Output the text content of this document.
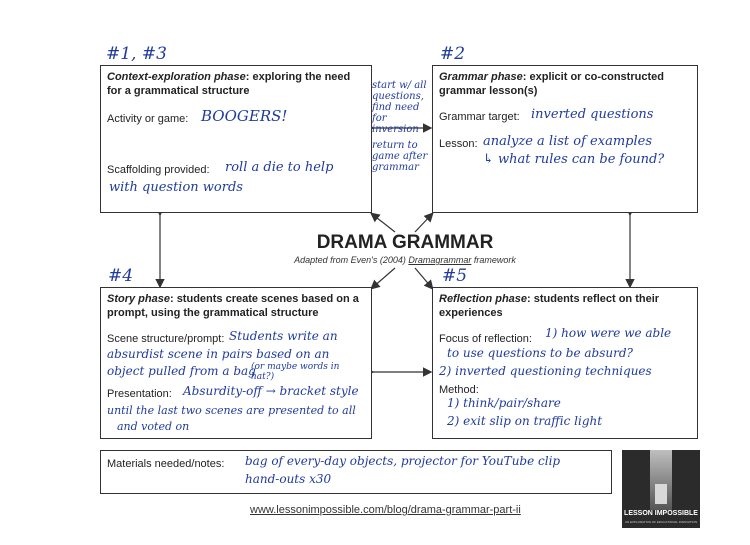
#1, #3
Context-exploration phase: exploring the need for a grammatical structure
Activity or game: BOOGERS!
Scaffolding provided: roll a die to help
with question words
start w/ all
questions,
find need for
inversion
return to
game after
grammar
#2
Grammar phase: explicit or co-constructed grammar lesson(s)
Grammar target: inverted questions
Lesson: analyze a list of examples
↳ what rules can be found?
DRAMA GRAMMAR
Adapted from Even's (2004) Dramagrammar framework
#4
Story phase: students create scenes based on a prompt, using the grammatical structure
Scene structure/prompt: Students write an
absurdist scene in pairs based on an
object pulled from a bag
(or maybe words in hat?)
Presentation: Absurdity-off → bracket style
until the last two scenes are presented to all
and voted on
#5
Reflection phase: students reflect on their experiences
Focus of reflection: 1) how were we able
to use questions to be absurd?
2) inverted questioning techniques
Method:
1) think/pair/share
2) exit slip on traffic light
Materials needed/notes: bag of every-day objects, projector for YouTube clip
hand-outs x30
www.lessonimpossible.com/blog/drama-grammar-part-ii	LESSON IMPOSSIBLE
AN EXPLORATION OF EDUCATIONAL INNOVATION
